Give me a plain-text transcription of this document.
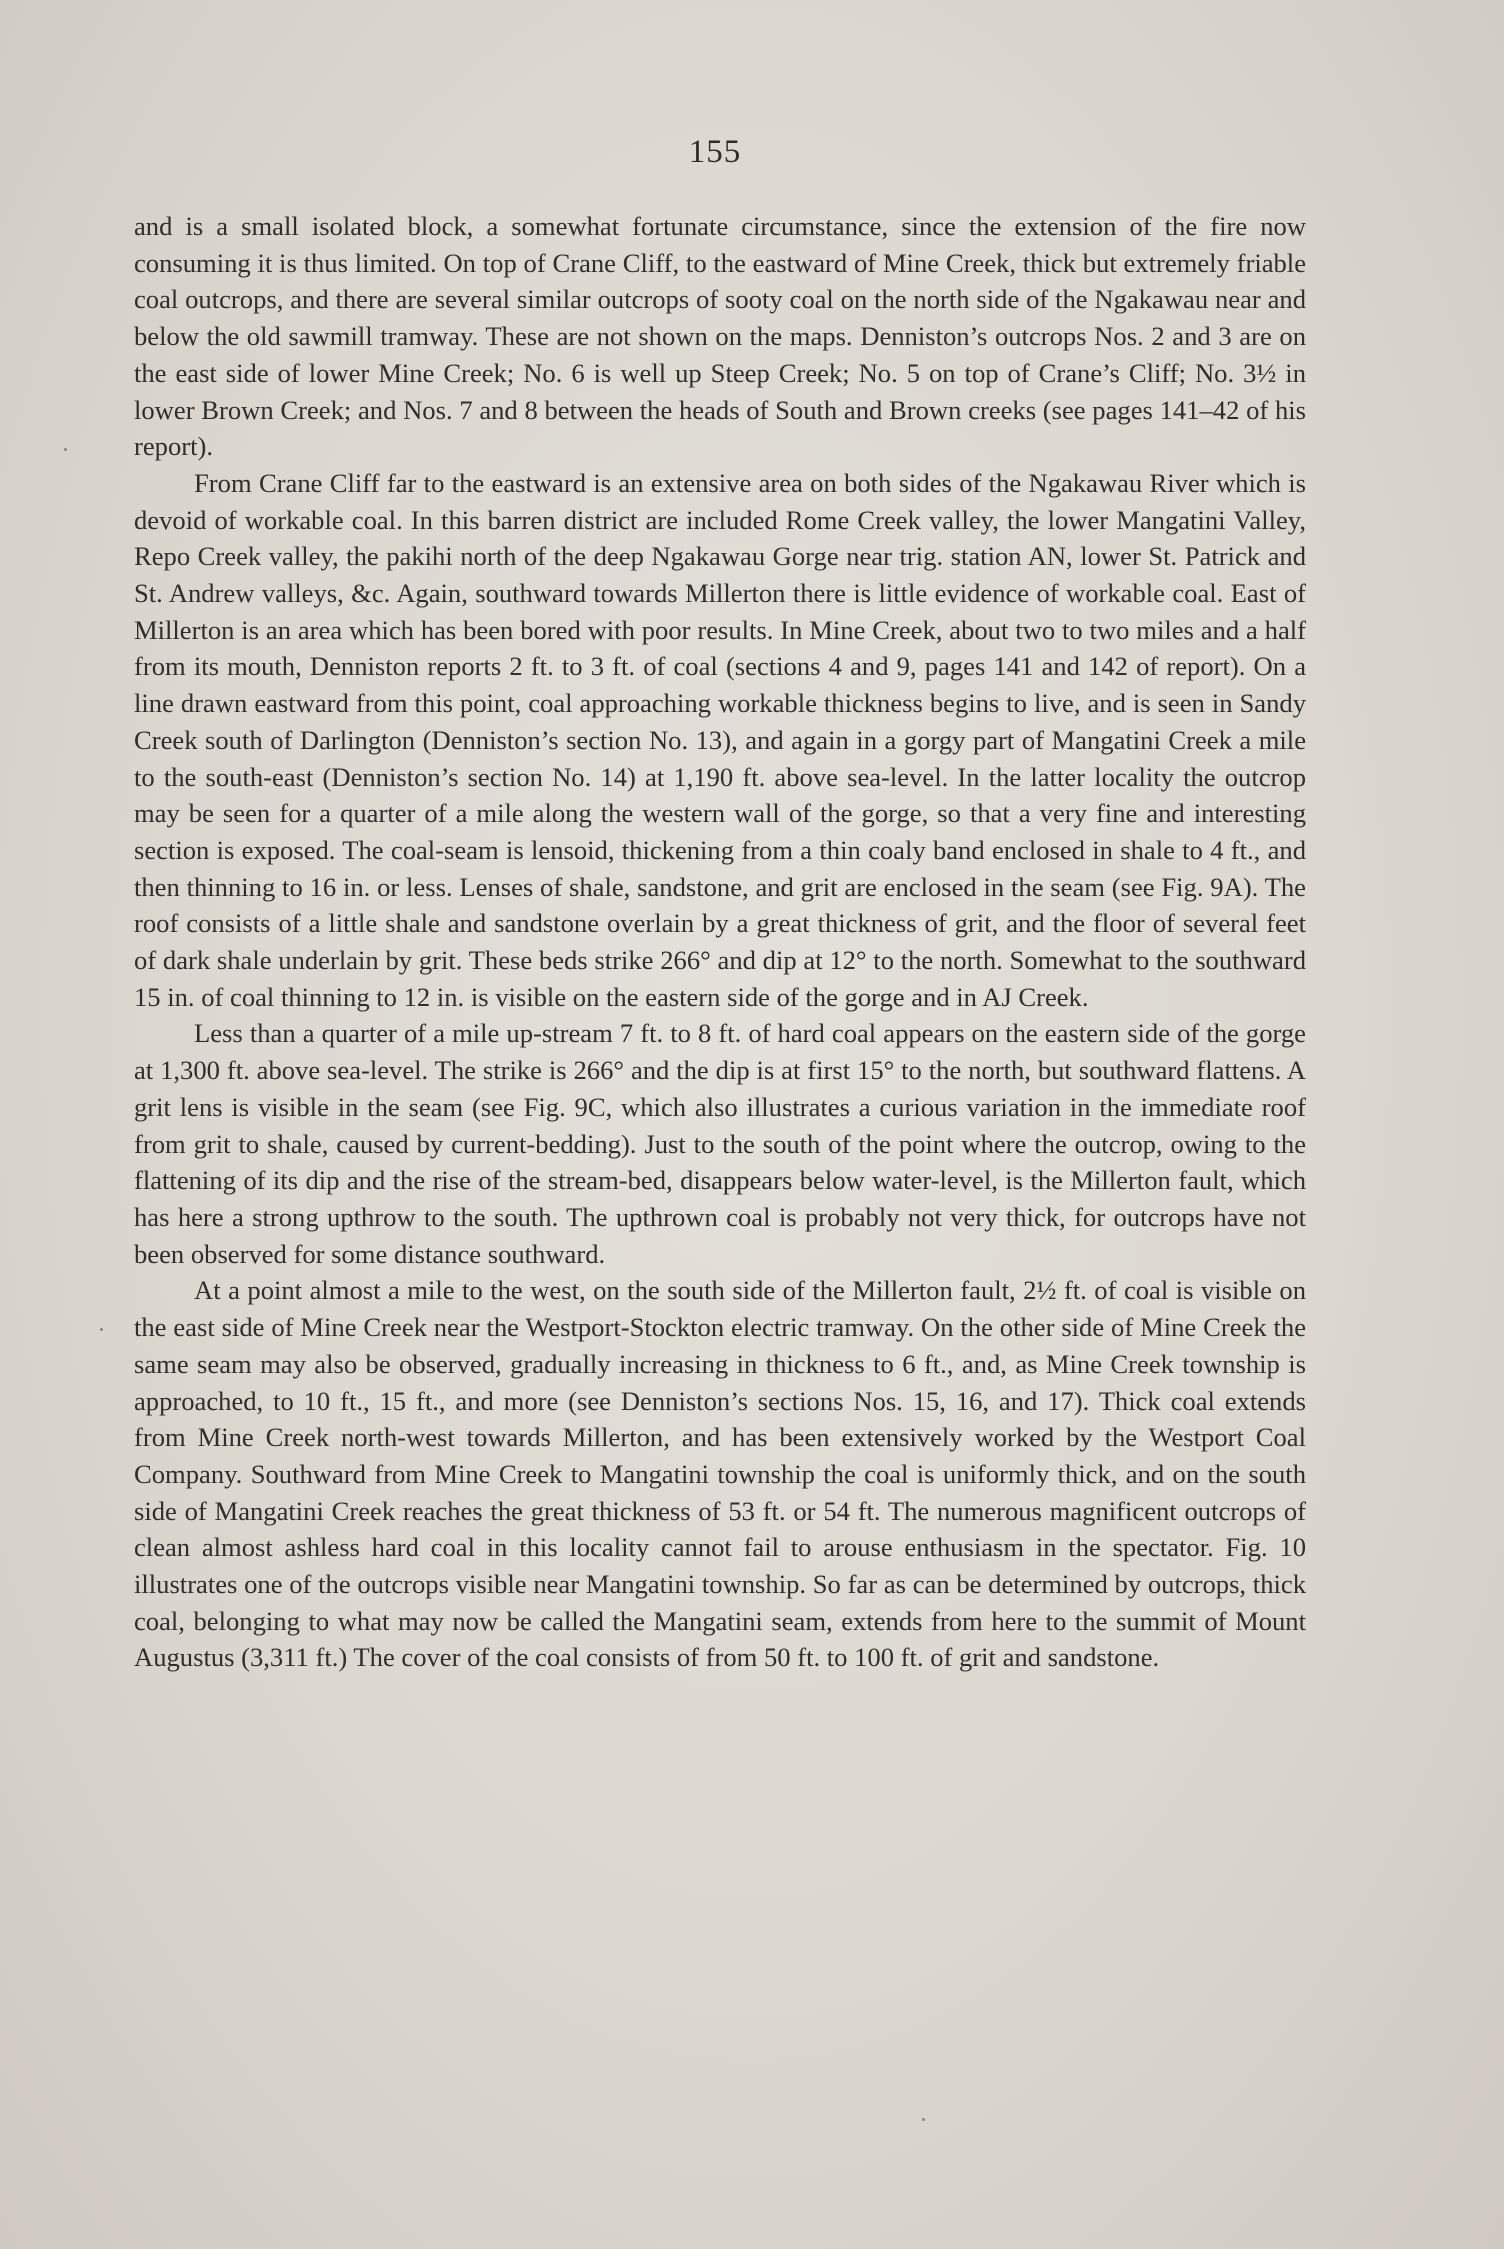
155

and is a small isolated block, a somewhat fortunate circumstance, since the extension of the fire now consuming it is thus limited. On top of Crane Cliff, to the eastward of Mine Creek, thick but extremely friable coal outcrops, and there are several similar outcrops of sooty coal on the north side of the Ngakawau near and below the old sawmill tramway. These are not shown on the maps. Denniston’s outcrops Nos. 2 and 3 are on the east side of lower Mine Creek; No. 6 is well up Steep Creek; No. 5 on top of Crane’s Cliff; No. 3½ in lower Brown Creek; and Nos. 7 and 8 between the heads of South and Brown creeks (see pages 141–42 of his report).

From Crane Cliff far to the eastward is an extensive area on both sides of the Ngakawau River which is devoid of workable coal. In this barren district are included Rome Creek valley, the lower Mangatini Valley, Repo Creek valley, the pakihi north of the deep Ngakawau Gorge near trig. station AN, lower St. Patrick and St. Andrew valleys, &c. Again, southward towards Millerton there is little evidence of workable coal. East of Millerton is an area which has been bored with poor results. In Mine Creek, about two to two miles and a half from its mouth, Denniston reports 2 ft. to 3 ft. of coal (sections 4 and 9, pages 141 and 142 of report). On a line drawn eastward from this point, coal approaching workable thickness begins to live, and is seen in Sandy Creek south of Darlington (Denniston’s section No. 13), and again in a gorgy part of Mangatini Creek a mile to the south-east (Denniston’s section No. 14) at 1,190 ft. above sea-level. In the latter locality the outcrop may be seen for a quarter of a mile along the western wall of the gorge, so that a very fine and interesting section is exposed. The coal-seam is lensoid, thickening from a thin coaly band enclosed in shale to 4 ft., and then thinning to 16 in. or less. Lenses of shale, sandstone, and grit are enclosed in the seam (see Fig. 9A). The roof consists of a little shale and sandstone overlain by a great thickness of grit, and the floor of several feet of dark shale underlain by grit. These beds strike 266° and dip at 12° to the north. Somewhat to the southward 15 in. of coal thinning to 12 in. is visible on the eastern side of the gorge and in AJ Creek.

Less than a quarter of a mile up-stream 7 ft. to 8 ft. of hard coal appears on the eastern side of the gorge at 1,300 ft. above sea-level. The strike is 266° and the dip is at first 15° to the north, but southward flattens. A grit lens is visible in the seam (see Fig. 9C, which also illustrates a curious variation in the immediate roof from grit to shale, caused by current-bedding). Just to the south of the point where the outcrop, owing to the flattening of its dip and the rise of the stream-bed, disappears below water-level, is the Millerton fault, which has here a strong upthrow to the south. The upthrown coal is probably not very thick, for outcrops have not been observed for some distance southward.

At a point almost a mile to the west, on the south side of the Millerton fault, 2½ ft. of coal is visible on the east side of Mine Creek near the Westport-Stockton electric tramway. On the other side of Mine Creek the same seam may also be observed, gradually increasing in thickness to 6 ft., and, as Mine Creek township is approached, to 10 ft., 15 ft., and more (see Denniston’s sections Nos. 15, 16, and 17). Thick coal extends from Mine Creek north-west towards Millerton, and has been extensively worked by the Westport Coal Company. Southward from Mine Creek to Mangatini township the coal is uniformly thick, and on the south side of Mangatini Creek reaches the great thickness of 53 ft. or 54 ft. The numerous magnificent outcrops of clean almost ashless hard coal in this locality cannot fail to arouse enthusiasm in the spectator. Fig. 10 illustrates one of the outcrops visible near Mangatini township. So far as can be determined by outcrops, thick coal, belonging to what may now be called the Mangatini seam, extends from here to the summit of Mount Augustus (3,311 ft.) The cover of the coal consists of from 50 ft. to 100 ft. of grit and sandstone.
